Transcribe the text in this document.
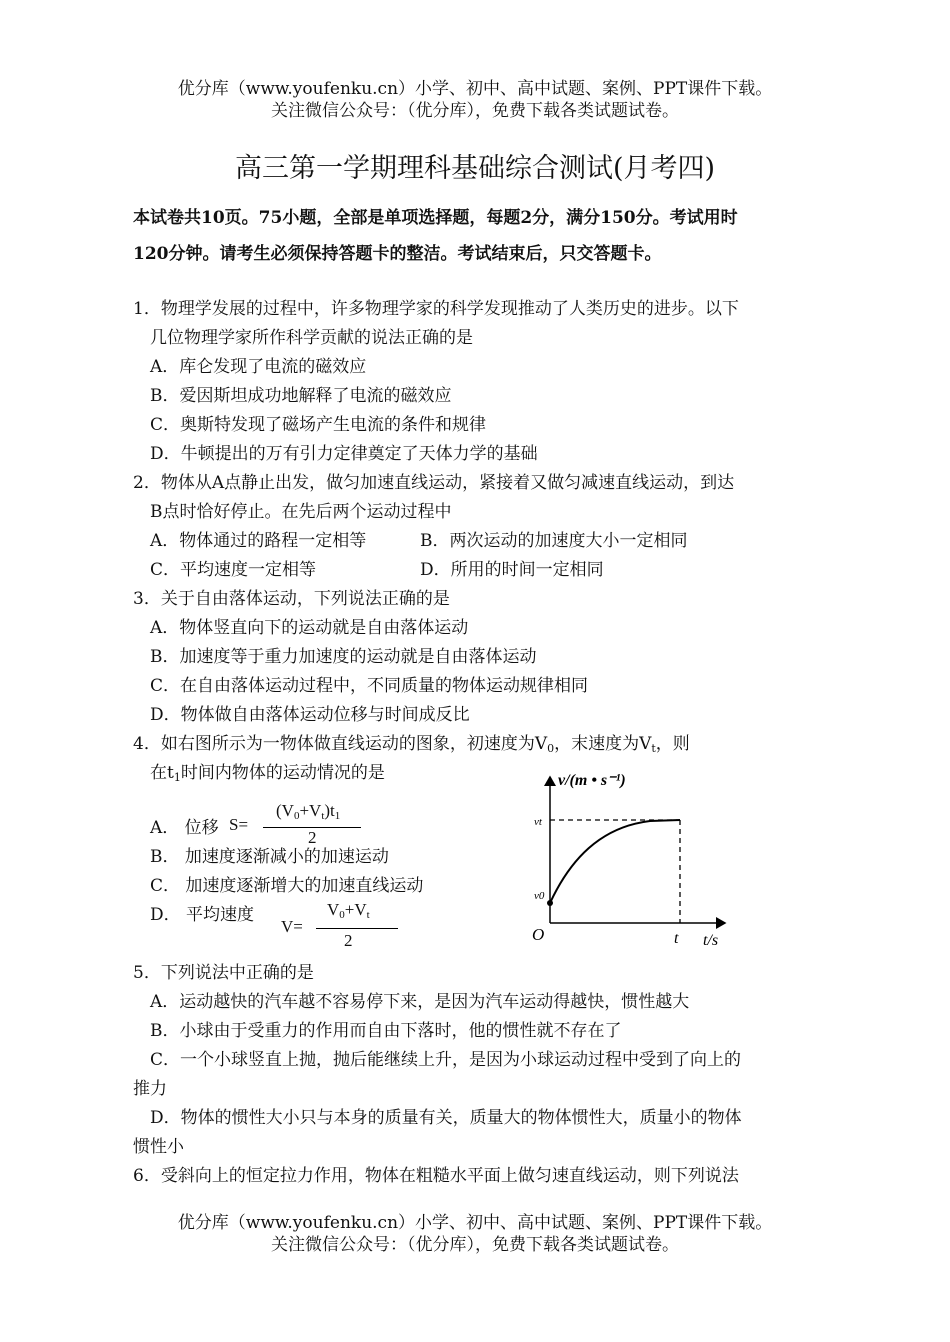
优分库（www.youfenku.cn）小学、初中、高中试题、案例、PPT课件下载。
关注微信公众号：（优分库），免费下载各类试题试卷。
高三第一学期理科基础综合测试(月考四)
本试卷共10页。75小题，全部是单项选择题，每题2分，满分150分。考试用时
120分钟。请考生必须保持答题卡的整洁。考试结束后，只交答题卡。
1．物理学发展的过程中，许多物理学家的科学发现推动了人类历史的进步。以下
几位物理学家所作科学贡献的说法正确的是
A．库仑发现了电流的磁效应
B．爱因斯坦成功地解释了电流的磁效应
C．奥斯特发现了磁场产生电流的条件和规律
D．牛顿提出的万有引力定律奠定了天体力学的基础
2．物体从A点静止出发，做匀加速直线运动，紧接着又做匀减速直线运动，到达
B点时恰好停止。在先后两个运动过程中
A．物体通过的路程一定相等	B．两次运动的加速度大小一定相同
C．平均速度一定相等	D．所用的时间一定相同
3．关于自由落体运动，下列说法正确的是
A．物体竖直向下的运动就是自由落体运动
B．加速度等于重力加速度的运动就是自由落体运动
C．在自由落体运动过程中，不同质量的物体运动规律相同
D．物体做自由落体运动位移与时间成反比
4．如右图所示为一物体做直线运动的图象，初速度为$V_0$，末速度为$V_t$，则
在$t_1$时间内物体的运动情况的是
A． 位移 S=
$(V_0+V_t)t_1$
2
B． 加速度逐渐减小的加速运动
C． 加速度逐渐增大的加速直线运动
D． 平均速度
V=
$V_0+V_t$
2
v/(m • s⁻¹)
t/s
O	t
vt
v0
5．下列说法中正确的是
A．运动越快的汽车越不容易停下来，是因为汽车运动得越快，惯性越大
B．小球由于受重力的作用而自由下落时，他的惯性就不存在了
C．一个小球竖直上抛，抛后能继续上升，是因为小球运动过程中受到了向上的
推力
D．物体的惯性大小只与本身的质量有关，质量大的物体惯性大，质量小的物体
惯性小
6．受斜向上的恒定拉力作用，物体在粗糙水平面上做匀速直线运动，则下列说法
优分库（www.youfenku.cn）小学、初中、高中试题、案例、PPT课件下载。
关注微信公众号：（优分库），免费下载各类试题试卷。
